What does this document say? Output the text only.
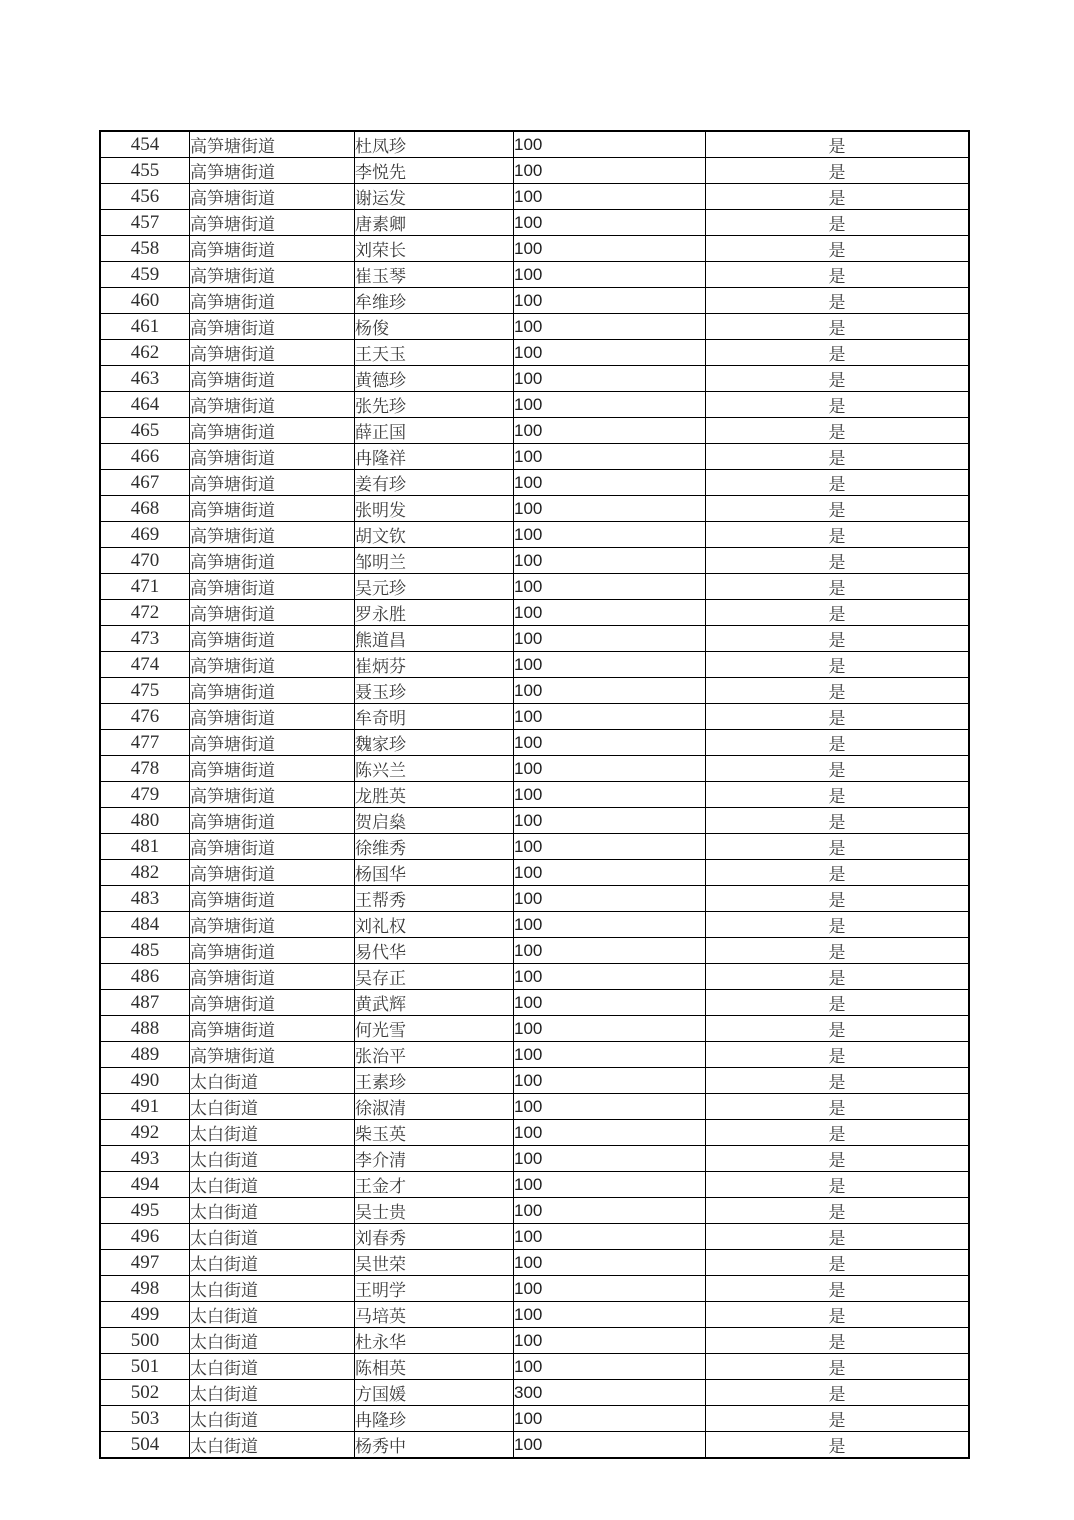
454	高笋塘街道	杜凤珍	100	是
455	高笋塘街道	李悦先	100	是
456	高笋塘街道	谢运发	100	是
457	高笋塘街道	唐素卿	100	是
458	高笋塘街道	刘荣长	100	是
459	高笋塘街道	崔玉琴	100	是
460	高笋塘街道	牟维珍	100	是
461	高笋塘街道	杨俊	100	是
462	高笋塘街道	王天玉	100	是
463	高笋塘街道	黄德珍	100	是
464	高笋塘街道	张先珍	100	是
465	高笋塘街道	薛正国	100	是
466	高笋塘街道	冉隆祥	100	是
467	高笋塘街道	姜有珍	100	是
468	高笋塘街道	张明发	100	是
469	高笋塘街道	胡文钦	100	是
470	高笋塘街道	邹明兰	100	是
471	高笋塘街道	吴元珍	100	是
472	高笋塘街道	罗永胜	100	是
473	高笋塘街道	熊道昌	100	是
474	高笋塘街道	崔炳芬	100	是
475	高笋塘街道	聂玉珍	100	是
476	高笋塘街道	牟奇明	100	是
477	高笋塘街道	魏家珍	100	是
478	高笋塘街道	陈兴兰	100	是
479	高笋塘街道	龙胜英	100	是
480	高笋塘街道	贺启燊	100	是
481	高笋塘街道	徐维秀	100	是
482	高笋塘街道	杨国华	100	是
483	高笋塘街道	王帮秀	100	是
484	高笋塘街道	刘礼权	100	是
485	高笋塘街道	易代华	100	是
486	高笋塘街道	吴存正	100	是
487	高笋塘街道	黄武辉	100	是
488	高笋塘街道	何光雪	100	是
489	高笋塘街道	张治平	100	是
490	太白街道	王素珍	100	是
491	太白街道	徐淑清	100	是
492	太白街道	柴玉英	100	是
493	太白街道	李介清	100	是
494	太白街道	王金才	100	是
495	太白街道	吴士贵	100	是
496	太白街道	刘春秀	100	是
497	太白街道	吴世荣	100	是
498	太白街道	王明学	100	是
499	太白街道	马培英	100	是
500	太白街道	杜永华	100	是
501	太白街道	陈相英	100	是
502	太白街道	方国媛	300	是
503	太白街道	冉隆珍	100	是
504	太白街道	杨秀中	100	是
